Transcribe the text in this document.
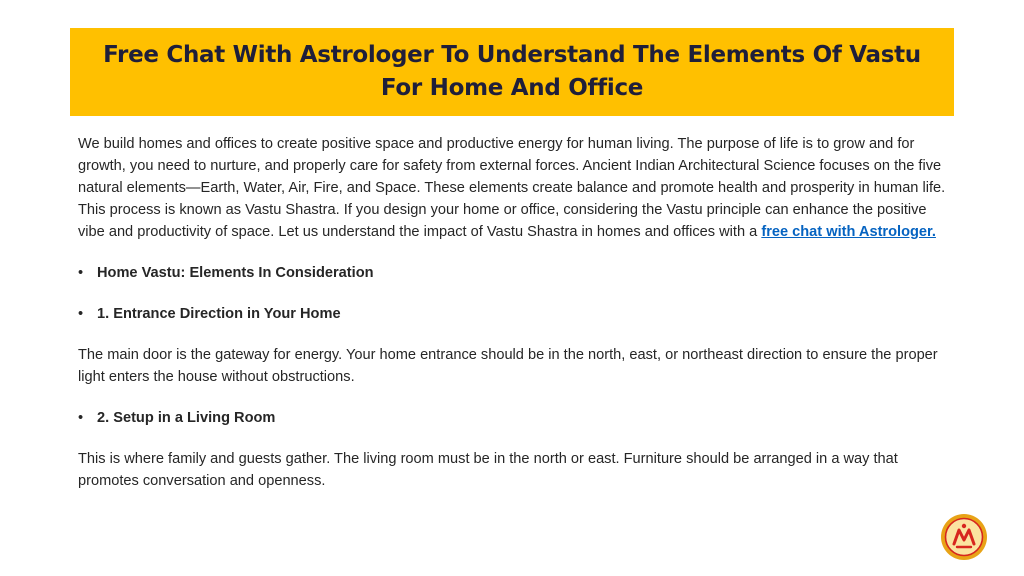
Free Chat With Astrologer To Understand The Elements Of Vastu For Home And Office

We build homes and offices to create positive space and productive energy for human living. The purpose of life is to grow and for growth, you need to nurture, and properly care for safety from external forces. Ancient Indian Architectural Science focuses on the five natural elements—Earth, Water, Air, Fire, and Space. These elements create balance and promote health and prosperity in human life. This process is known as Vastu Shastra. If you design your home or office, considering the Vastu principle can enhance the positive vibe and productivity of space. Let us understand the impact of Vastu Shastra in homes and offices with a free chat with Astrologer.

• Home Vastu: Elements In Consideration
• 1. Entrance Direction in Your Home

The main door is the gateway for energy. Your home entrance should be in the north, east, or northeast direction to ensure the proper light enters the house without obstructions.

• 2. Setup in a Living Room

This is where family and guests gather. The living room must be in the north or east. Furniture should be arranged in a way that promotes conversation and openness.
